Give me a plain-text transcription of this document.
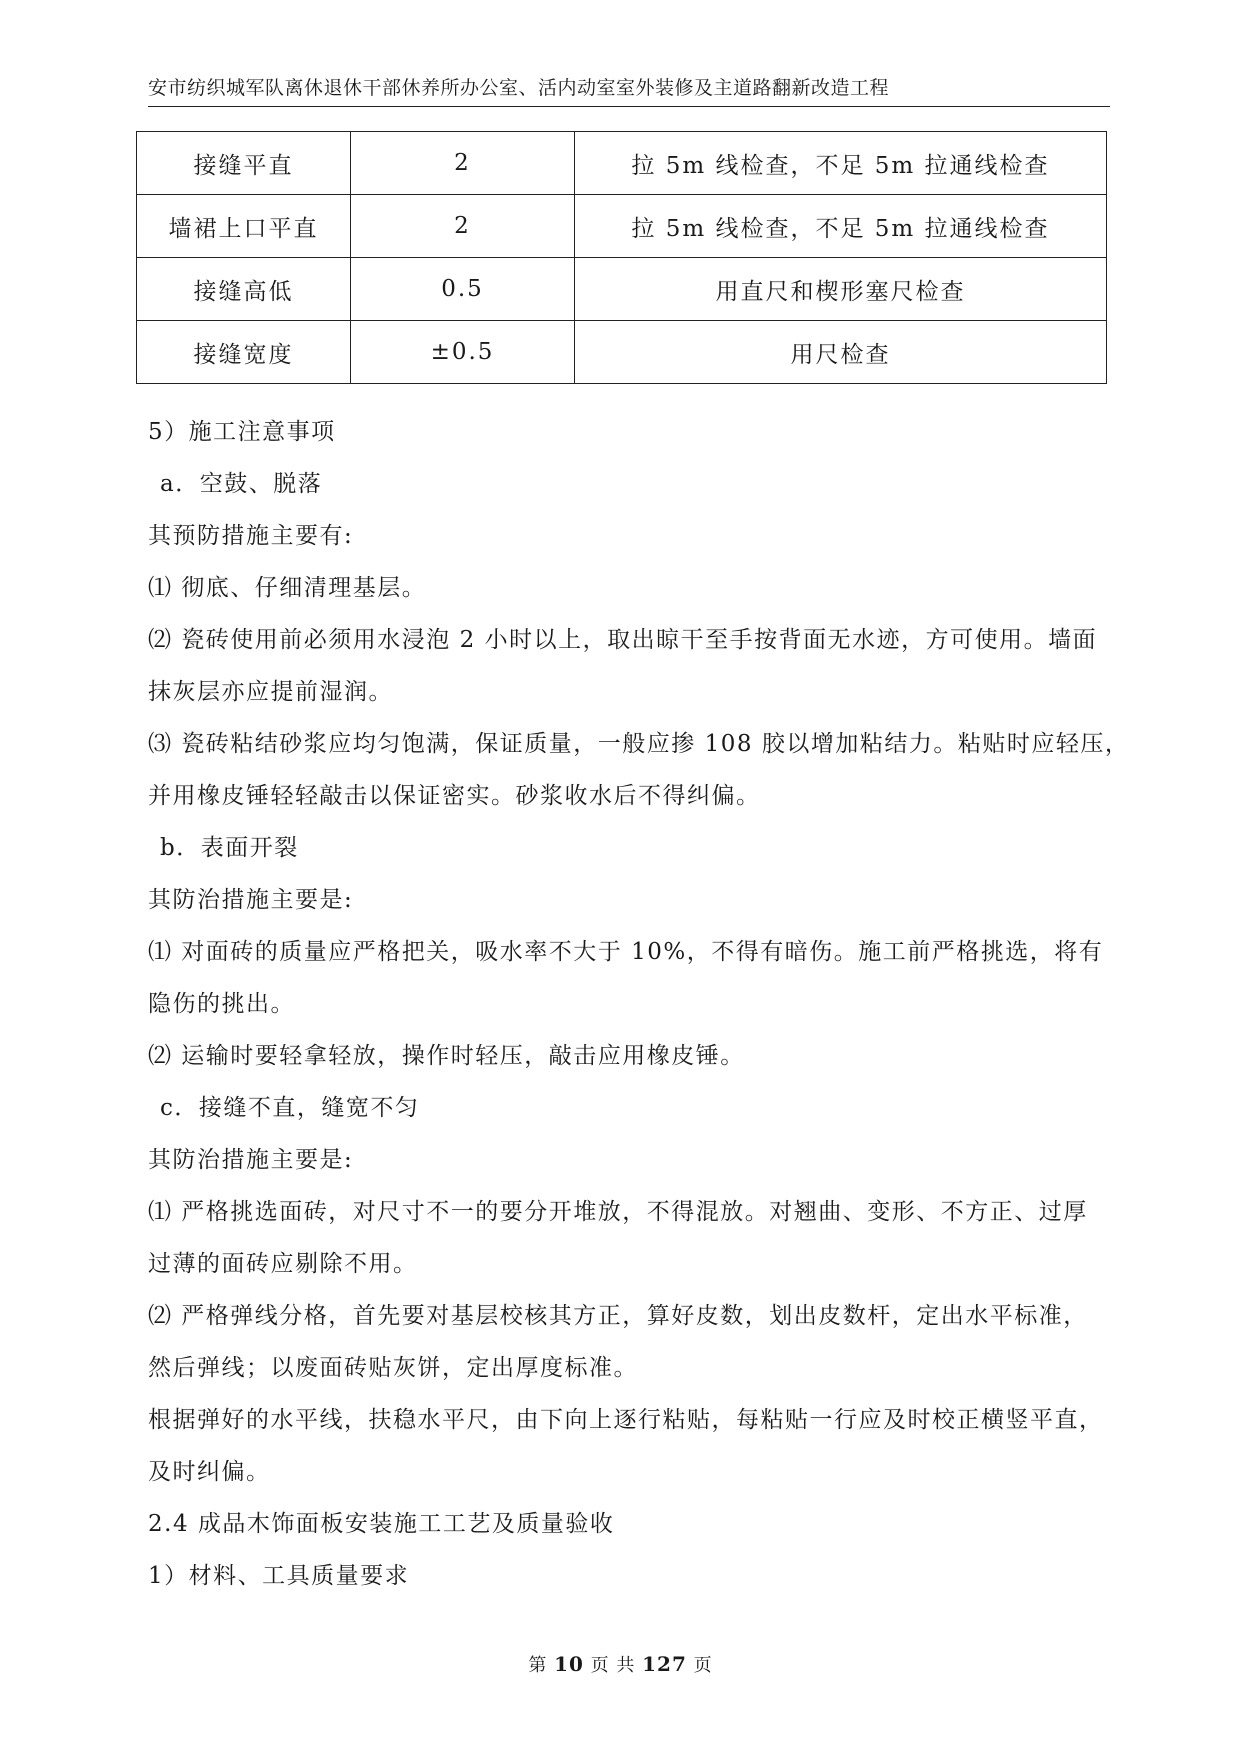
安市纺织城军队离休退休干部休养所办公室、活内动室室外装修及主道路翻新改造工程
接缝平直	2	拉 5m 线检查，不足 5m 拉通线检查
墙裙上口平直	2	拉 5m 线检查，不足 5m 拉通线检查
接缝高低	0.5	用直尺和楔形塞尺检查
接缝宽度	±0.5	用尺检查

5）施工注意事项

a．空鼓、脱落

其预防措施主要有:

⑴ 彻底、仔细清理基层。

⑵ 瓷砖使用前必须用水浸泡 2 小时以上，取出晾干至手按背面无水迹，方可使用。墙面

抹灰层亦应提前湿润。

⑶ 瓷砖粘结砂浆应均匀饱满，保证质量，一般应掺 108 胶以增加粘结力。粘贴时应轻压，

并用橡皮锤轻轻敲击以保证密实。砂浆收水后不得纠偏。

b．表面开裂

其防治措施主要是:

⑴ 对面砖的质量应严格把关，吸水率不大于 10%，不得有暗伤。施工前严格挑选，将有

隐伤的挑出。

⑵ 运输时要轻拿轻放，操作时轻压，敲击应用橡皮锤。

c．接缝不直，缝宽不匀

其防治措施主要是:

⑴ 严格挑选面砖，对尺寸不一的要分开堆放，不得混放。对翘曲、变形、不方正、过厚

过薄的面砖应剔除不用。

⑵ 严格弹线分格，首先要对基层校核其方正，算好皮数，划出皮数杆，定出水平标准，

然后弹线；以废面砖贴灰饼，定出厚度标准。

根据弹好的水平线，扶稳水平尺，由下向上逐行粘贴，每粘贴一行应及时校正横竖平直，

及时纠偏。

2.4 成品木饰面板安装施工工艺及质量验收

1）材料、工具质量要求

第 10 页 共 127 页
